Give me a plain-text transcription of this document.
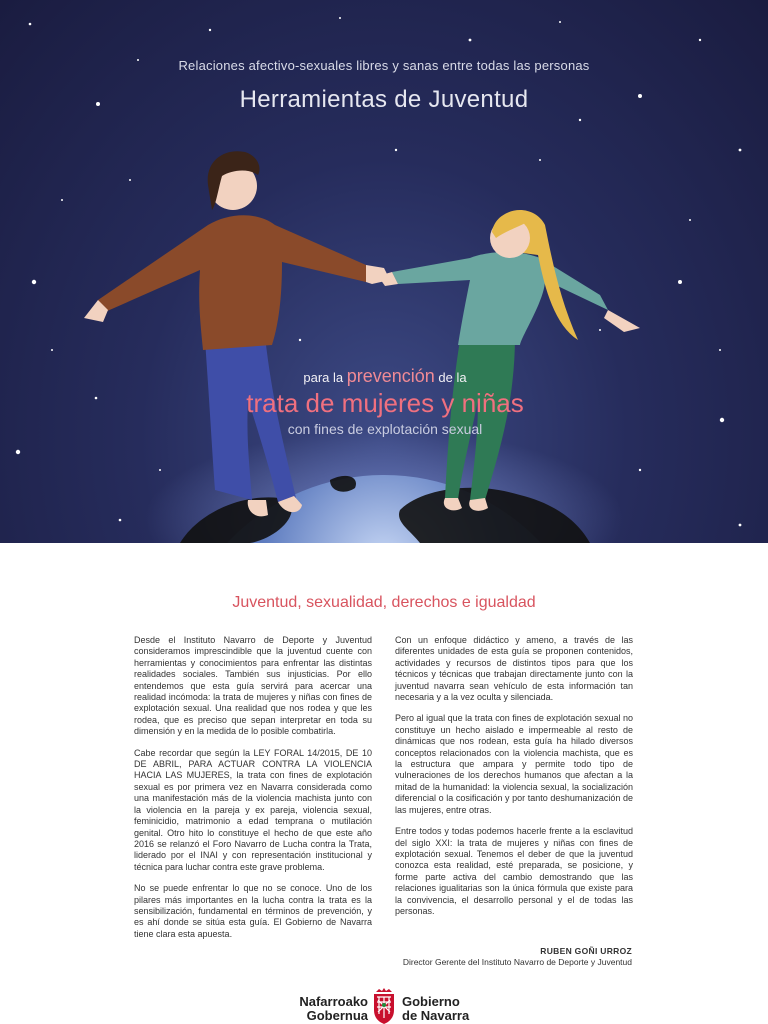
Relaciones afectivo-sexuales libres y sanas entre todas las personas
Herramientas de Juventud
para la prevención de la
trata de mujeres y niñas
con fines de explotación sexual
Juventud, sexualidad, derechos e igualdad

Desde el Instituto Navarro de Deporte y Juventud consideramos imprescindible que la juventud cuente con herramientas y conocimientos para enfrentar las distintas realidades sociales. También sus injusticias. Por ello entendemos que esta guía servirá para acercar una realidad incómoda: la trata de mujeres y niñas con fines de explotación sexual. Una realidad que nos rodea y que les rodea, que es preciso que sepan interpretar en toda su dimensión y en la medida de lo posible combatirla.

Cabe recordar que según la LEY FORAL 14/2015, DE 10 DE ABRIL, PARA ACTUAR CONTRA LA VIOLENCIA HACIA LAS MUJERES, la trata con fines de explotación sexual es por primera vez en Navarra considerada como una manifestación más de la violencia machista junto con la violencia en la pareja y ex pareja, violencia sexual, feminicidio, matrimonio a edad temprana o mutilación genital. Otro hito lo constituye el hecho de que este año 2016 se relanzó el Foro Navarro de Lucha contra la Trata, liderado por el INAI y con representación institucional y técnica para luchar contra este grave problema.

No se puede enfrentar lo que no se conoce. Uno de los pilares más importantes en la lucha contra la trata es la sensibilización, fundamental en términos de prevención, y es ahí donde se sitúa esta guía. El Gobierno de Navarra tiene clara esta apuesta.

Con un enfoque didáctico y ameno, a través de las diferentes unidades de esta guía se proponen contenidos, actividades y recursos de distintos tipos para que los técnicos y técnicas que trabajan directamente junto con la juventud navarra sean vehículo de esta información tan necesaria y a la vez oculta y silenciada.

Pero al igual que la trata con fines de explotación sexual no constituye un hecho aislado e impermeable al resto de dinámicas que nos rodean, esta guía ha hilado diversos conceptos relacionados con la violencia machista, que es la estructura que ampara y permite todo tipo de vulneraciones de los derechos humanos que afectan a la mitad de la humanidad: la violencia sexual, la socialización diferencial o la cosificación y por tanto deshumanización de las mujeres, entre otras.

Entre todos y todas podemos hacerle frente a la esclavitud del siglo XXI: la trata de mujeres y niñas con fines de explotación sexual. Tenemos el deber de que la juventud conozca esta realidad, esté preparada, se posicione, y forme parte activa del cambio demostrando que las relaciones igualitarias son la única fórmula que existe para la convivencia, el desarrollo personal y el de todas las personas.

RUBEN GOÑI URROZ
Director Gerente del Instituto Navarro de Deporte y Juventud
Nafarroako
Gobernua
Gobierno
de Navarra
